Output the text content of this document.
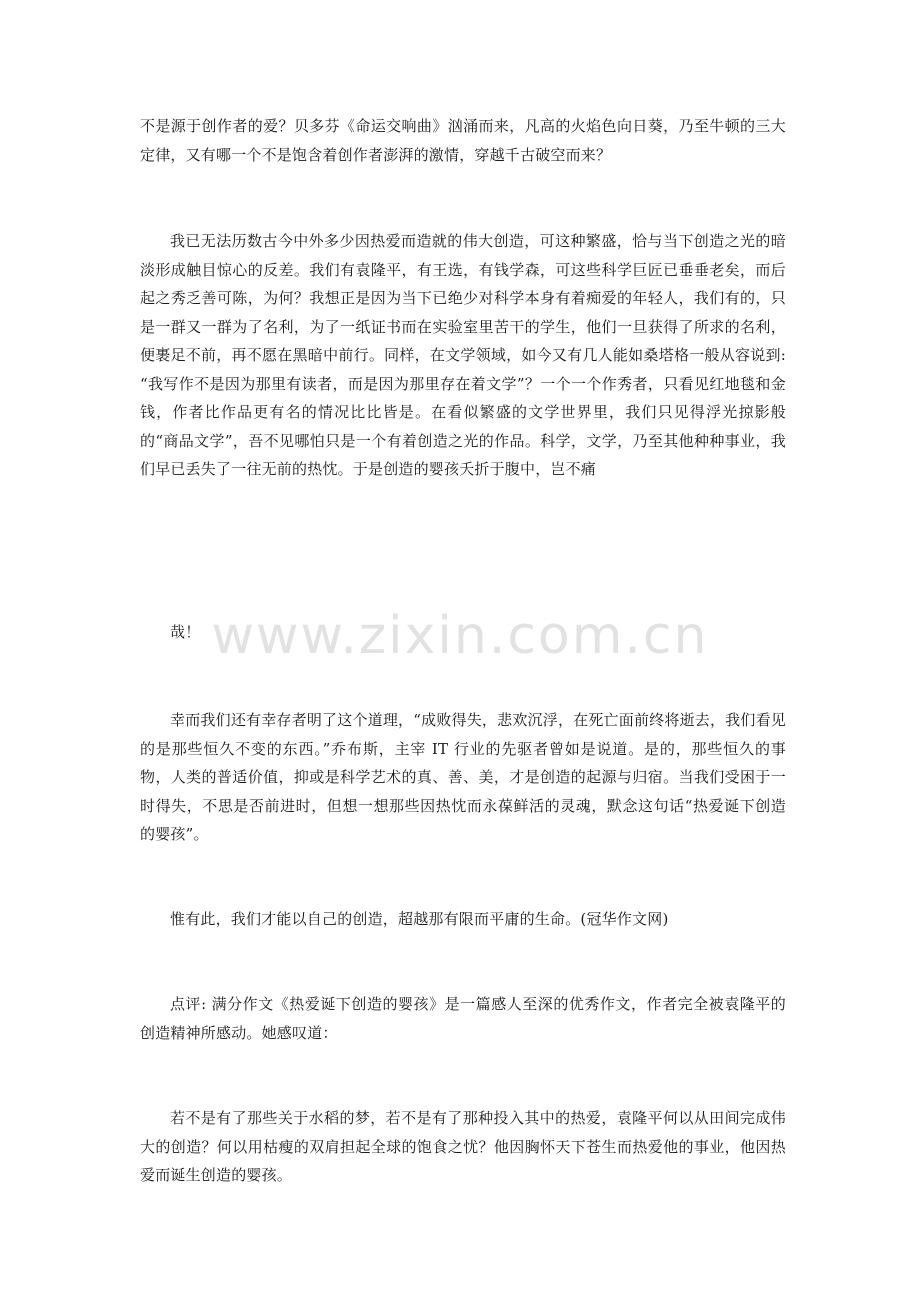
www.zixin.com.cn

不是源于创作者的爱？贝多芬《命运交响曲》汹涌而来，凡高的火焰色向日葵，乃至牛顿的三大定律，又有哪一个不是饱含着创作者澎湃的激情，穿越千古破空而来？

我已无法历数古今中外多少因热爱而造就的伟大创造，可这种繁盛，恰与当下创造之光的暗淡形成触目惊心的反差。我们有袁隆平，有王选，有钱学森，可这些科学巨匠已垂垂老矣，而后起之秀乏善可陈，为何？我想正是因为当下已绝少对科学本身有着痴爱的年轻人，我们有的，只是一群又一群为了名利，为了一纸证书而在实验室里苦干的学生，他们一旦获得了所求的名利，便裹足不前，再不愿在黑暗中前行。同样，在文学领域，如今又有几人能如桑塔格一般从容说到: “我写作不是因为那里有读者，而是因为那里存在着文学”？一个一个作秀者，只看见红地毯和金钱，作者比作品更有名的情况比比皆是。在看似繁盛的文学世界里，我们只见得浮光掠影般的“商品文学”，吾不见哪怕只是一个有着创造之光的作品。科学，文学，乃至其他种种事业，我们早已丢失了一往无前的热忱。于是创造的婴孩夭折于腹中，岂不痛

哉！

幸而我们还有幸存者明了这个道理，“成败得失，悲欢沉浮，在死亡面前终将逝去，我们看见的是那些恒久不变的东西。”乔布斯，主宰 IT 行业的先驱者曾如是说道。是的，那些恒久的事物，人类的普适价值，抑或是科学艺术的真、善、美，才是创造的起源与归宿。当我们受困于一时得失，不思是否前进时，但想一想那些因热忱而永葆鲜活的灵魂，默念这句话“热爱诞下创造的婴孩”。

惟有此，我们才能以自己的创造，超越那有限而平庸的生命。(冠华作文网)

点评: 满分作文《热爱诞下创造的婴孩》是一篇感人至深的优秀作文，作者完全被袁隆平的创造精神所感动。她感叹道：

若不是有了那些关于水稻的梦，若不是有了那种投入其中的热爱，袁隆平何以从田间完成伟大的创造？何以用枯瘦的双肩担起全球的饱食之忧？他因胸怀天下苍生而热爱他的事业，他因热爱而诞生创造的婴孩。
